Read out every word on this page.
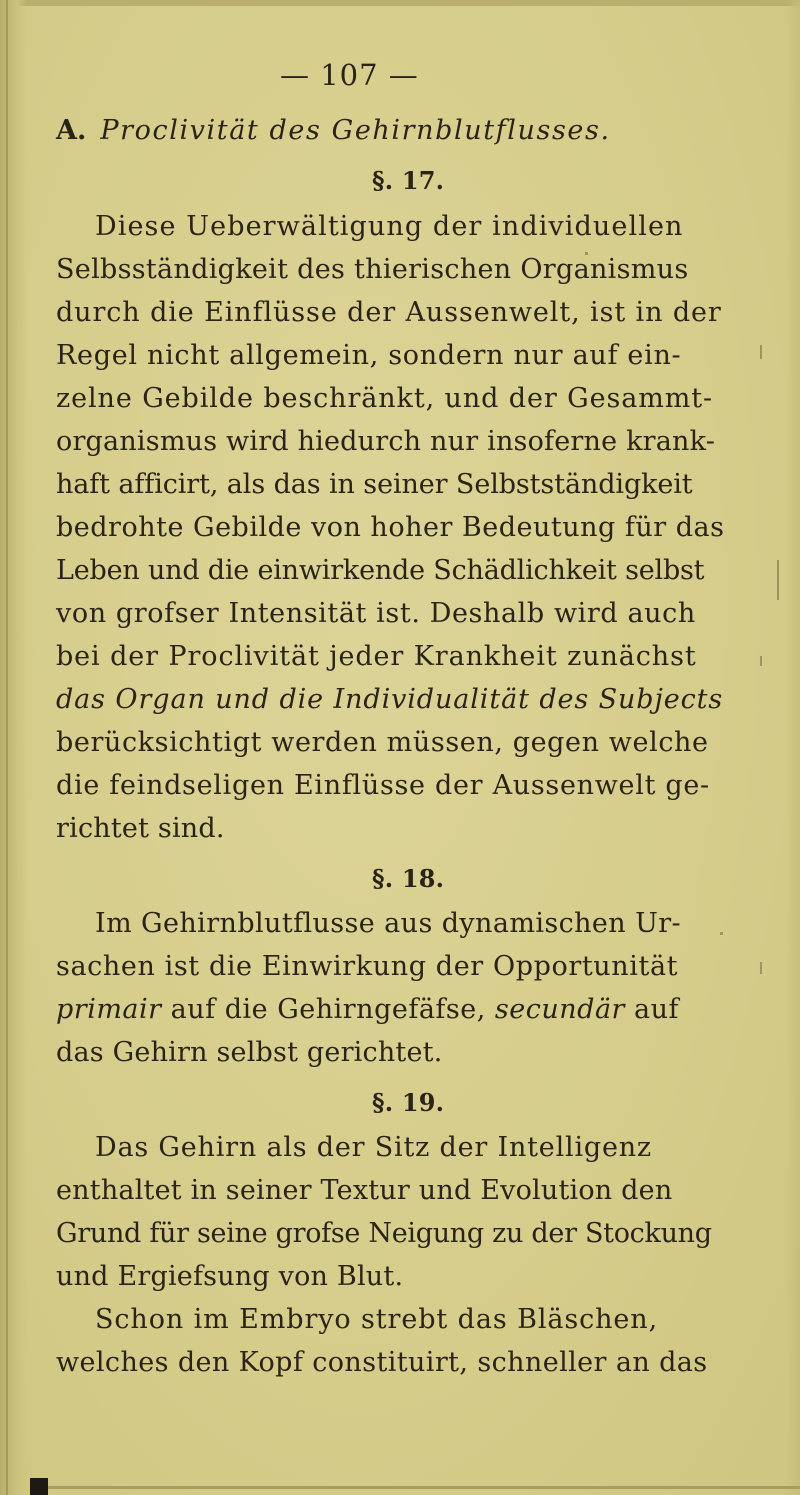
— 107 —
A. Proclivität des Gehirnblutflusses.
§. 17.
Diese Ueberwältigung der individuellen
Selbsständigkeit des thierischen Organismus
durch die Einflüsse der Aussenwelt, ist in der
Regel nicht allgemein, sondern nur auf ein-
zelne Gebilde beschränkt, und der Gesammt-
organismus wird hiedurch nur insoferne krank-
haft afficirt, als das in seiner Selbstständigkeit
bedrohte Gebilde von hoher Bedeutung für das
Leben und die einwirkende Schädlichkeit selbst
von grofser Intensität ist. Deshalb wird auch
bei der Proclivität jeder Krankheit zunächst
das Organ und die Individualität des Subjects
berücksichtigt werden müssen, gegen welche
die feindseligen Einflüsse der Aussenwelt ge-
richtet sind.
§. 18.
Im Gehirnblutflusse aus dynamischen Ur-
sachen ist die Einwirkung der Opportunität
primair auf die Gehirngefäfse, secundär auf
das Gehirn selbst gerichtet.
§. 19.
Das Gehirn als der Sitz der Intelligenz
enthaltet in seiner Textur und Evolution den
Grund für seine grofse Neigung zu der Stockung
und Ergiefsung von Blut.
Schon im Embryo strebt das Bläschen,
welches den Kopf constituirt, schneller an das
